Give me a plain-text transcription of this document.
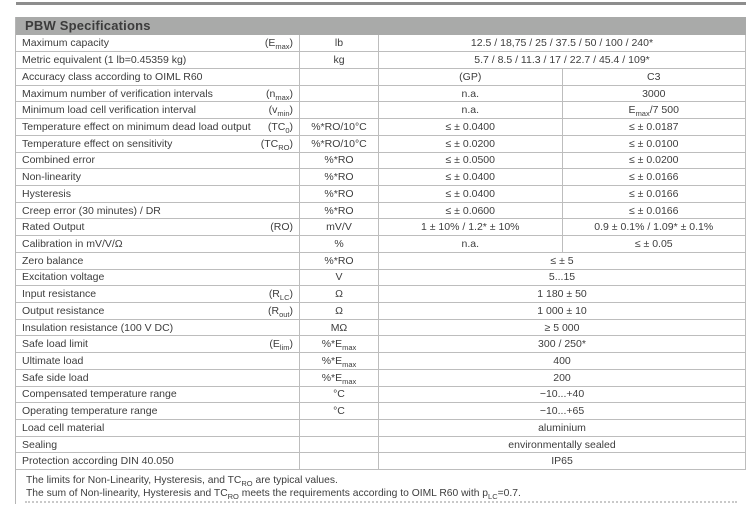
PBW Specifications
Maximum capacity $(E_{max})$	lb	12.5 / 18,75 / 25 / 37.5 / 50 / 100 / 240*	

Metric equivalent (1 lb=0.45359 kg)	kg	5.7 / 8.5 / 11.3 / 17 / 22.7 / 45.4 / 109*	

Accuracy class according to OIML R60		(GP)	C3

Maximum number of verification intervals $(n_{max})$		n.a.	3000

Minimum load cell verification interval $(v_{min})$		n.a.	$E_{max}/7$ 500

Temperature effect on minimum dead load output $(TC_0)$	%*RO/10°C	≤ ± 0.0400	≤ ± 0.0187

Temperature effect on sensitivity $(TC_{RO})$	%*RO/10°C	≤ ± 0.0200	≤ ± 0.0100

Combined error	%*RO	≤ ± 0.0500	≤ ± 0.0200

Non-linearity	%*RO	≤ ± 0.0400	≤ ± 0.0166

Hysteresis	%*RO	≤ ± 0.0400	≤ ± 0.0166

Creep error (30 minutes) / DR	%*RO	≤ ± 0.0600	≤ ± 0.0166

Rated Output (RO)	mV/V	1 ± 10% / 1.2* ± 10%	0.9 ± 0.1% / 1.09* ± 0.1%

Calibration in mV/V/Ω	%	n.a.	≤ ± 0.05

Zero balance	%*RO	≤ ± 5	

Excitation voltage	V	5...15	

Input resistance $(R_{LC})$	Ω	1 180 ± 50	

Output resistance $(R_{out})$	Ω	1 000 ± 10	

Insulation resistance (100 V DC)	MΩ	≥ 5 000	

Safe load limit $(E_{lim})$	$\%*E_{max}$	300 / 250*	

Ultimate load	$\%*E_{max}$	400	

Safe side load	$\%*E_{max}$	200	

Compensated temperature range	°C	−10...+40	

Operating temperature range	°C	−10...+65	

Load cell material		aluminium	

Sealing		environmentally sealed	

Protection according DIN 40.050		IP65	
The limits for Non-Linearity, Hysteresis, and $TC_{RO}$ are typical values.
The sum of Non-linearity, Hysteresis and $TC_{RO}$ meets the requirements according to OIML R60 with $p_{LC}=0.7$.
